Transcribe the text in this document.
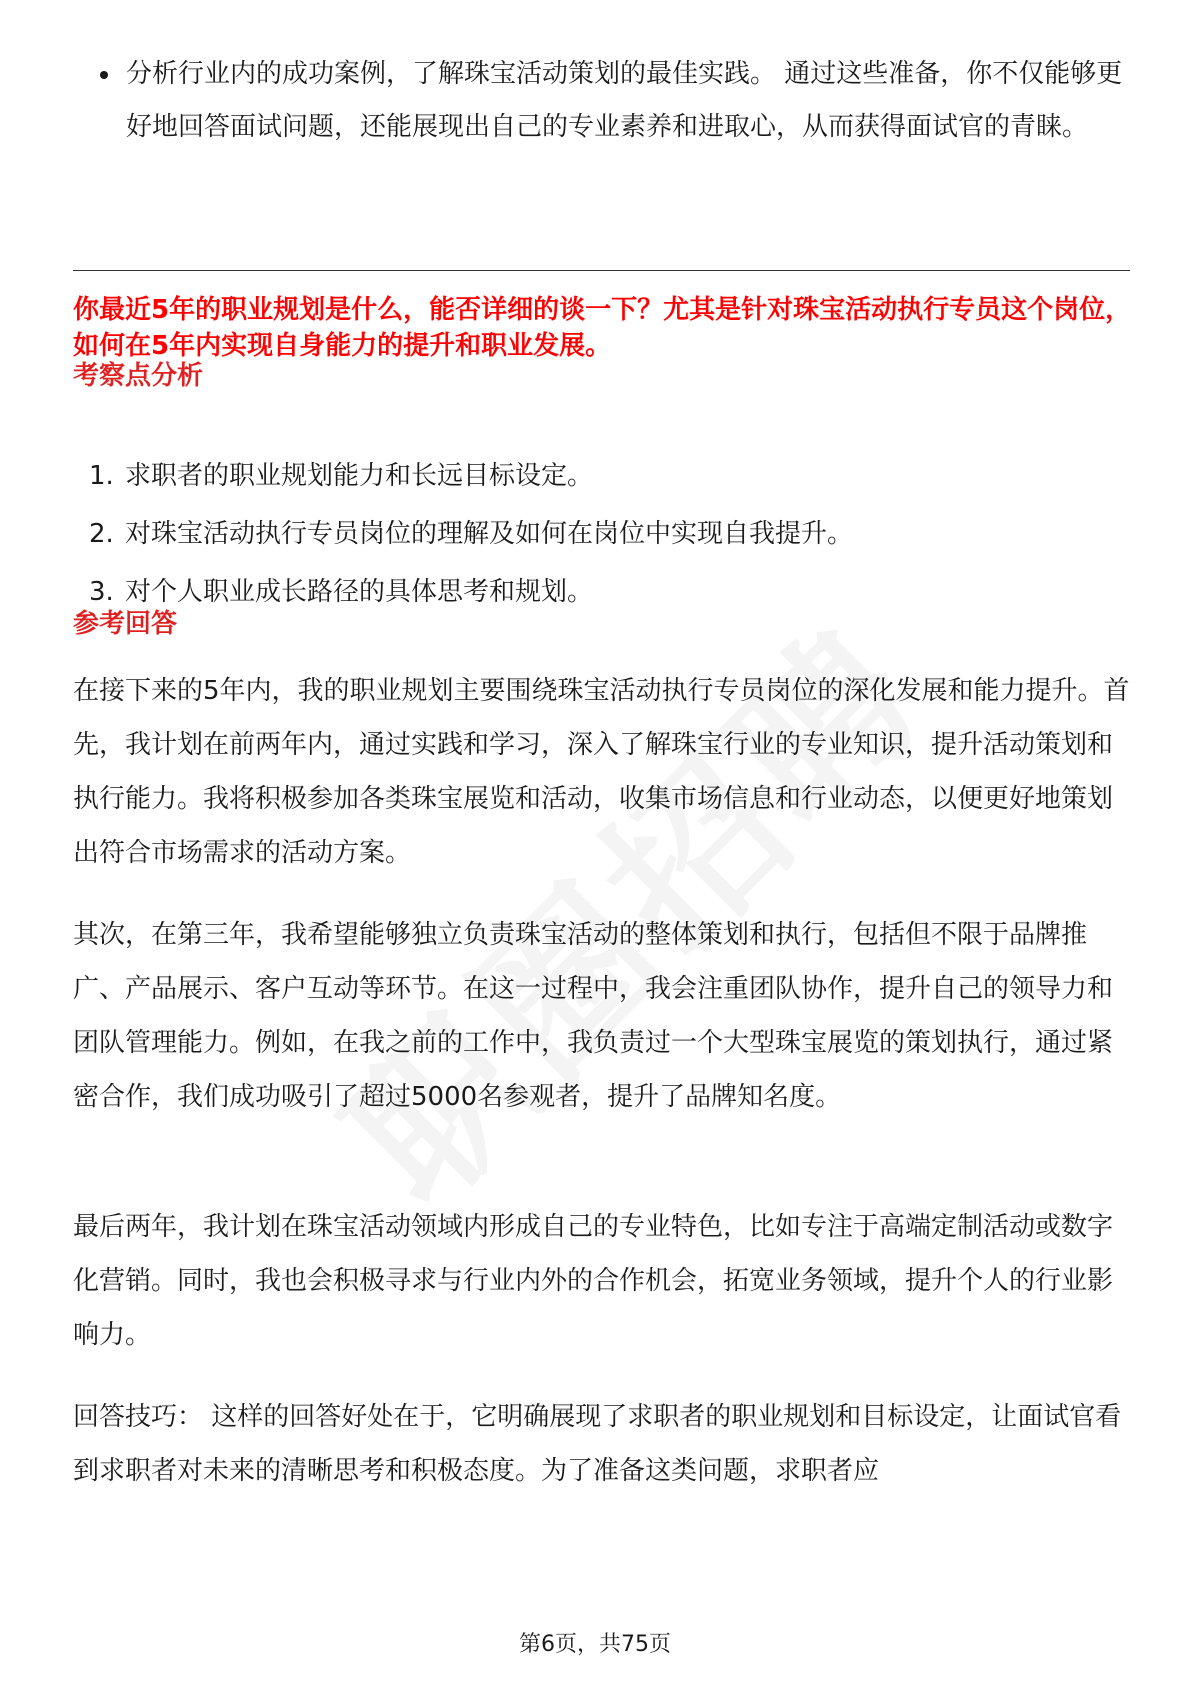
分析行业内的成功案例，了解珠宝活动策划的最佳实践。 通过这些准备，你不仅能够更好地回答面试问题，还能展现出自己的专业素养和进取心，从而获得面试官的青睐。
你最近5年的职业规划是什么，能否详细的谈一下？尤其是针对珠宝活动执行专员这个岗位，如何在5年内实现自身能力的提升和职业发展。
考察点分析
1. 求职者的职业规划能力和长远目标设定。
2. 对珠宝活动执行专员岗位的理解及如何在岗位中实现自我提升。
3. 对个人职业成长路径的具体思考和规划。
参考回答

在接下来的5年内，我的职业规划主要围绕珠宝活动执行专员岗位的深化发展和能力提升。首先，我计划在前两年内，通过实践和学习，深入了解珠宝行业的专业知识，提升活动策划和执行能力。我将积极参加各类珠宝展览和活动，收集市场信息和行业动态，以便更好地策划出符合市场需求的活动方案。

其次，在第三年，我希望能够独立负责珠宝活动的整体策划和执行，包括但不限于品牌推广、产品展示、客户互动等环节。在这一过程中，我会注重团队协作，提升自己的领导力和团队管理能力。例如，在我之前的工作中，我负责过一个大型珠宝展览的策划执行，通过紧密合作，我们成功吸引了超过5000名参观者，提升了品牌知名度。

最后两年，我计划在珠宝活动领域内形成自己的专业特色，比如专注于高端定制活动或数字化营销。同时，我也会积极寻求与行业内外的合作机会，拓宽业务领域，提升个人的行业影响力。

回答技巧： 这样的回答好处在于，它明确展现了求职者的职业规划和目标设定，让面试官看到求职者对未来的清晰思考和积极态度。为了准备这类问题，求职者应

第6页，共75页
